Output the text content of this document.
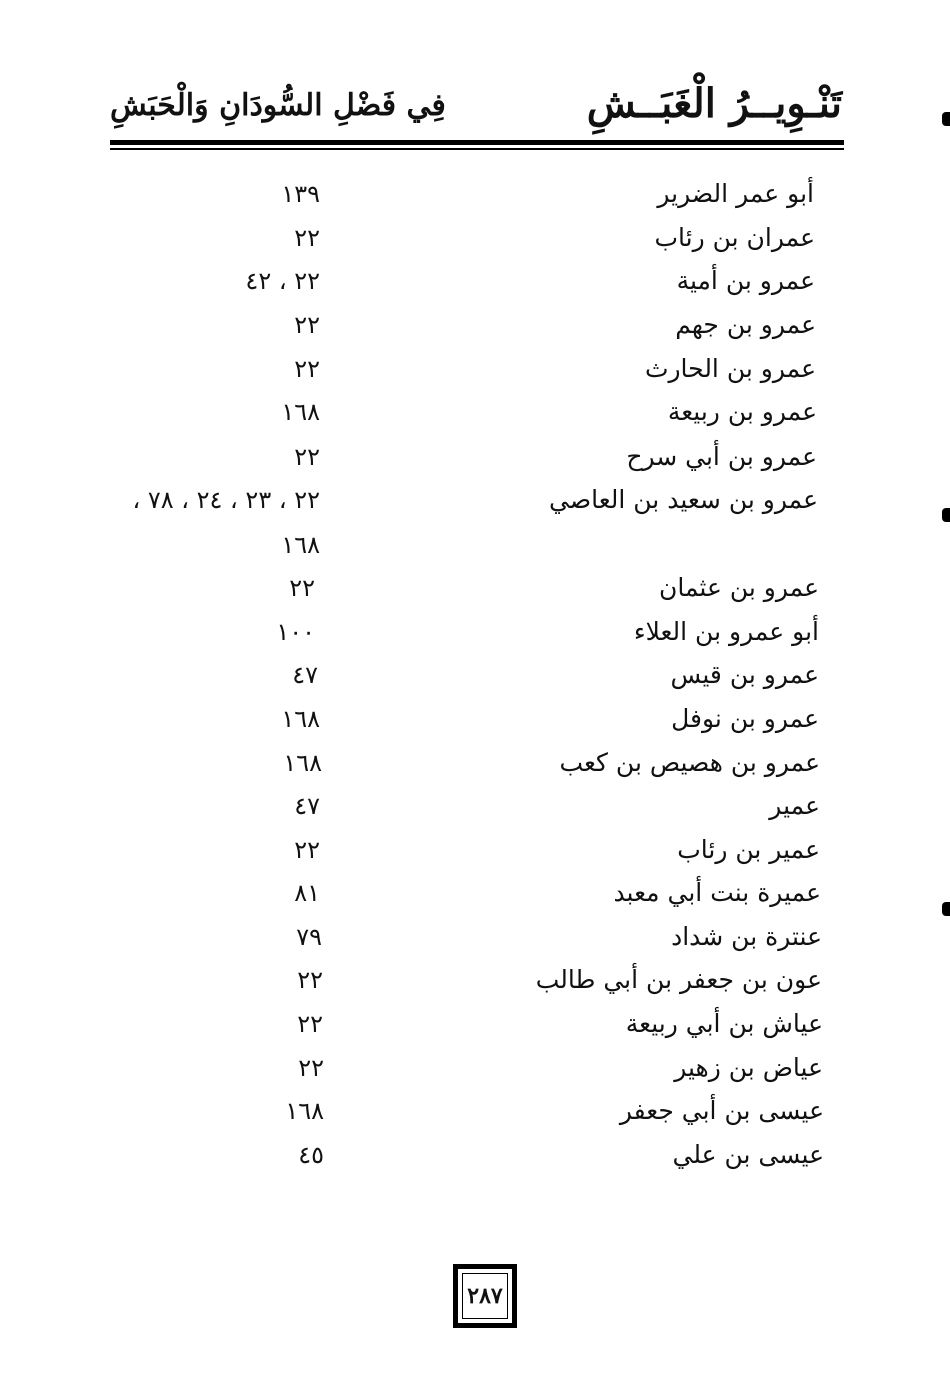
تَنْـوِيــرُ الْغَبَــشِ
فِي فَضْلِ السُّودَانِ وَالْحَبَشِ
أبو عمر الضرير
١٣٩
عمران بن رئاب
٢٢
عمرو بن أمية
٢٢ ، ٤٢
عمرو بن جهم
٢٢
عمرو بن الحارث
٢٢
عمرو بن ربيعة
١٦٨
عمرو بن أبي سرح
٢٢
عمرو بن سعيد بن العاصي
٢٢ ، ٢٣ ، ٢٤ ، ٧٨ ،
١٦٨
عمرو بن عثمان
٢٢
أبو عمرو بن العلاء
١٠٠
عمرو بن قيس
٤٧
عمرو بن نوفل
١٦٨
عمرو بن هصيص بن كعب
١٦٨
عمير
٤٧
عمير بن رئاب
٢٢
عميرة بنت أبي معبد
٨١
عنترة بن شداد
٧٩
عون بن جعفر بن أبي طالب
٢٢
عياش بن أبي ربيعة
٢٢
عياض بن زهير
٢٢
عيسى بن أبي جعفر
١٦٨
عيسى بن علي
٤٥
٢٨٧
